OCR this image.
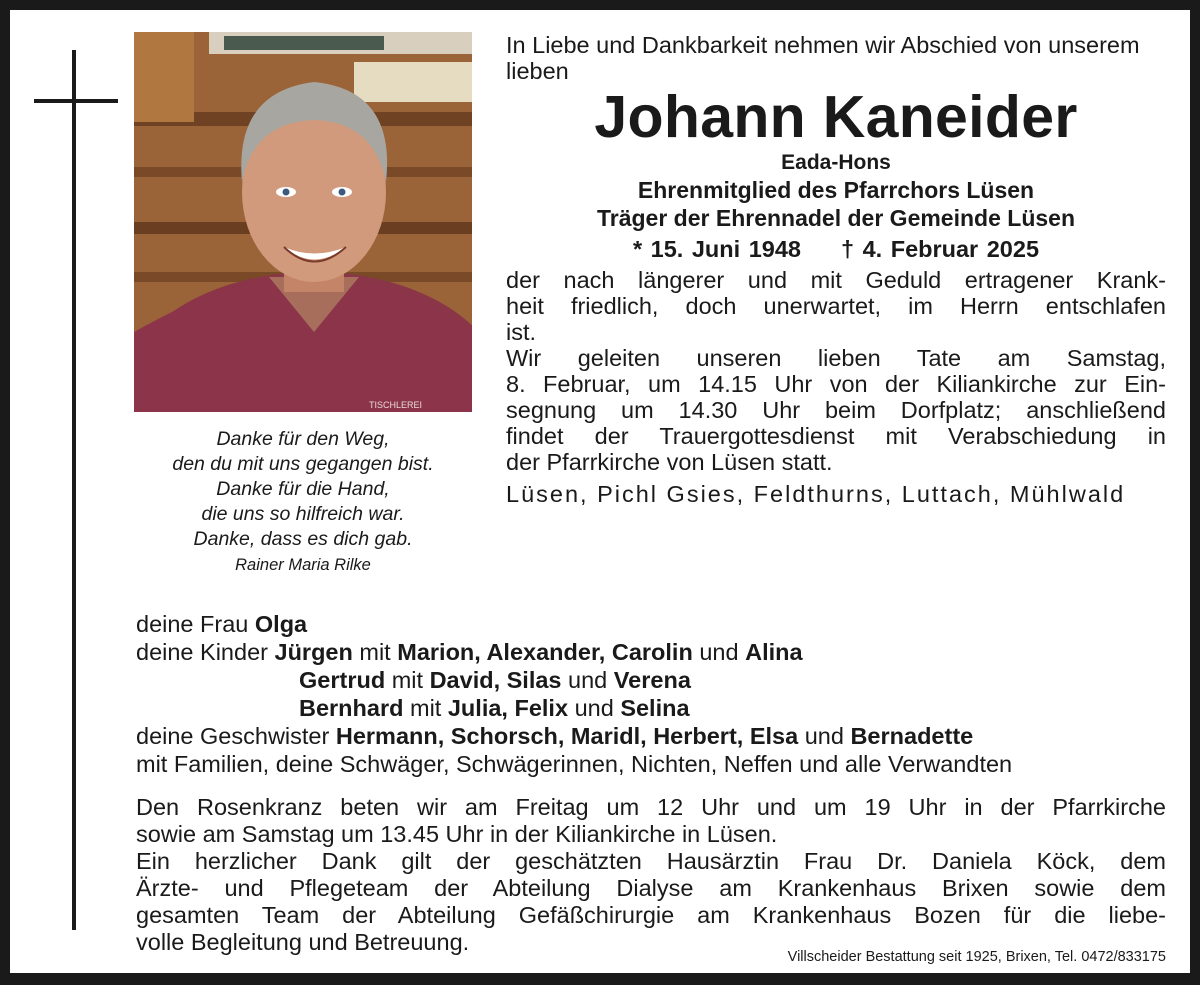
TISCHLEREI
Danke für den Weg,
den du mit uns gegangen bist.
Danke für die Hand,
die uns so hilfreich war.
Danke, dass es dich gab.
Rainer Maria Rilke

In Liebe und Dankbarkeit nehmen wir Abschied von unserem lieben

Johann Kaneider
Eada-Hons
Ehrenmitglied des Pfarrchors Lüsen
Träger der Ehrennadel der Gemeinde Lüsen
* 15. Juni 1948 † 4. Februar 2025
der nach längerer und mit Geduld ertragener Krank-
heit friedlich, doch unerwartet, im Herrn entschlafen
ist.
Wir geleiten unseren lieben Tate am Samstag,
8. Februar, um 14.15 Uhr von der Kiliankirche zur Ein-
segnung um 14.30 Uhr beim Dorfplatz; anschließend
findet der Trauergottesdienst mit Verabschiedung in
der Pfarrkirche von Lüsen statt.
Lüsen, Pichl Gsies, Feldthurns, Luttach, Mühlwald
deine Frau Olga
deine Kinder Jürgen mit Marion, Alexander, Carolin und Alina
Gertrud mit David, Silas und Verena
Bernhard mit Julia, Felix und Selina
deine Geschwister Hermann, Schorsch, Maridl, Herbert, Elsa und Bernadette
mit Familien, deine Schwäger, Schwägerinnen, Nichten, Neffen und alle Verwandten
Den Rosenkranz beten wir am Freitag um 12 Uhr und um 19 Uhr in der Pfarrkirche
sowie am Samstag um 13.45 Uhr in der Kiliankirche in Lüsen.
Ein herzlicher Dank gilt der geschätzten Hausärztin Frau Dr. Daniela Köck, dem
Ärzte- und Pflegeteam der Abteilung Dialyse am Krankenhaus Brixen sowie dem
gesamten Team der Abteilung Gefäßchirurgie am Krankenhaus Bozen für die liebe-
volle Begleitung und Betreuung.
Villscheider Bestattung seit 1925, Brixen, Tel. 0472/833175
